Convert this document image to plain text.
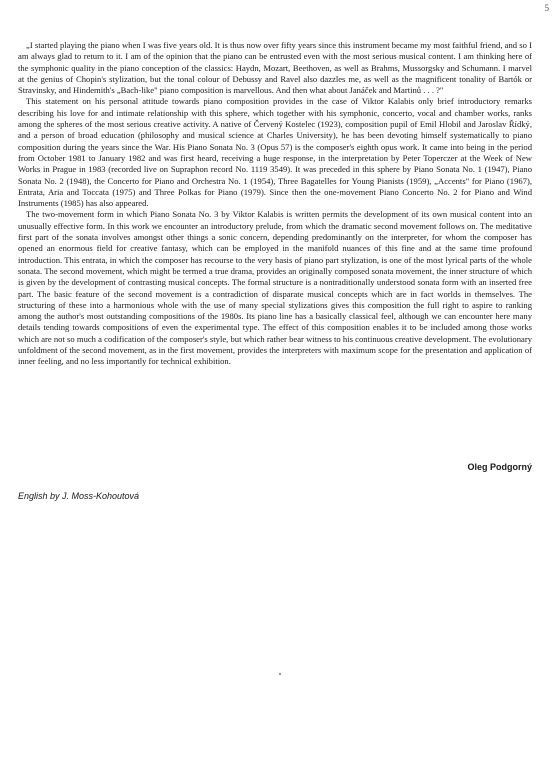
5

„I started playing the piano when I was five years old. It is thus now over fifty years since this instrument became my most faithful friend, and so I am always glad to return to it. I am of the opinion that the piano can be entrusted even with the most serious musical content. I am thinking here of the symphonic quality in the piano conception of the classics: Haydn, Mozart, Beethoven, as well as Brahms, Mussorgsky and Schumann. I marvel at the genius of Chopin's stylization, but the tonal colour of Debussy and Ravel also dazzles me, as well as the magnificent tonality of Bartók or Stravinsky, and Hindemith's „Bach-like" piano composition is marvellous. And then what about Janáček and Martinů . . . ?"

This statement on his personal attitude towards piano composition provides in the case of Viktor Kalabis only brief introductory remarks describing his love for and intimate relationship with this sphere, which together with his symphonic, concerto, vocal and chamber works, ranks among the spheres of the most serious creative activity. A native of Červený Kostelec (1923), composition pupil of Emil Hlobil and Jaroslav Řídký, and a person of broad education (philosophy and musical science at Charles University), he has been devoting himself systematically to piano composition during the years since the War. His Piano Sonata No. 3 (Opus 57) is the composer's eighth opus work. It came into being in the period from October 1981 to January 1982 and was first heard, receiving a huge response, in the interpretation by Peter Toperczer at the Week of New Works in Prague in 1983 (recorded live on Supraphon record No. 1119 3549). It was preceded in this sphere by Piano Sonata No. 1 (1947), Piano Sonata No. 2 (1948), the Concerto for Piano and Orchestra No. 1 (1954), Three Bagatelles for Young Pianists (1959), „Accents" for Piano (1967), Entrata, Aria and Toccata (1975) and Three Polkas for Piano (1979). Since then the one-movement Piano Concerto No. 2 for Piano and Wind Instruments (1985) has also appeared.

The two-movement form in which Piano Sonata No. 3 by Viktor Kalabis is written permits the development of its own musical content into an unusually effective form. In this work we encounter an introductory prelude, from which the dramatic second movement follows on. The meditative first part of the sonata involves amongst other things a sonic concern, depending predominantly on the interpreter, for whom the composer has opened an enormous field for creative fantasy, which can be employed in the manifold nuances of this fine and at the same time profound introduction. This entrata, in which the composer has recourse to the very basis of piano part stylization, is one of the most lyrical parts of the whole sonata. The second movement, which might be termed a true drama, provides an originally composed sonata movement, the inner structure of which is given by the development of contrasting musical concepts. The formal structure is a nontraditionally understood sonata form with an inserted free part. The basic feature of the second movement is a contradiction of disparate musical concepts which are in fact worlds in themselves. The structuring of these into a harmonious whole with the use of many special stylizations gives this composition the full right to aspire to ranking among the author's most outstanding compositions of the 1980s. Its piano line has a basically classical feel, although we can encounter here many details tending towards compositions of even the experimental type. The effect of this composition enables it to be included among those works which are not so much a codification of the composer's style, but which rather bear witness to his continuous creative development. The evolutionary unfoldment of the second movement, as in the first movement, provides the interpreters with maximum scope for the presentation and application of inner feeling, and no less importantly for technical exhibition.

Oleg Podgorný
English by J. Moss-Kohoutová
